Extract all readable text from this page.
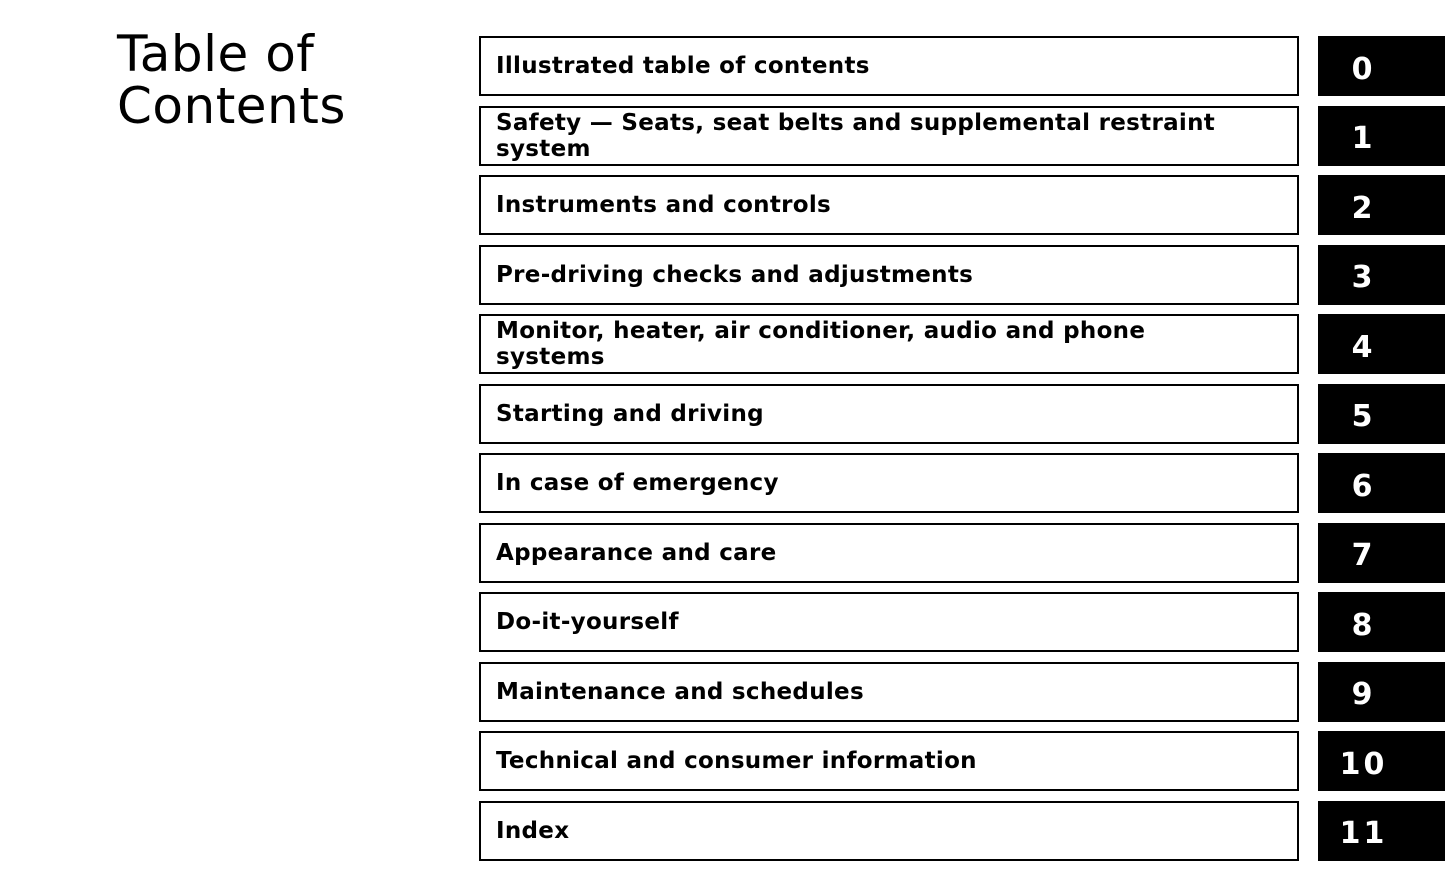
Table of
Contents
Illustrated table of contents	0
Safety — Seats, seat belts and supplemental restraint system	1
Instruments and controls	2
Pre-driving checks and adjustments	3
Monitor, heater, air conditioner, audio and phone systems	4
Starting and driving	5
In case of emergency	6
Appearance and care	7
Do-it-yourself	8
Maintenance and schedules	9
Technical and consumer information	10
Index	11
